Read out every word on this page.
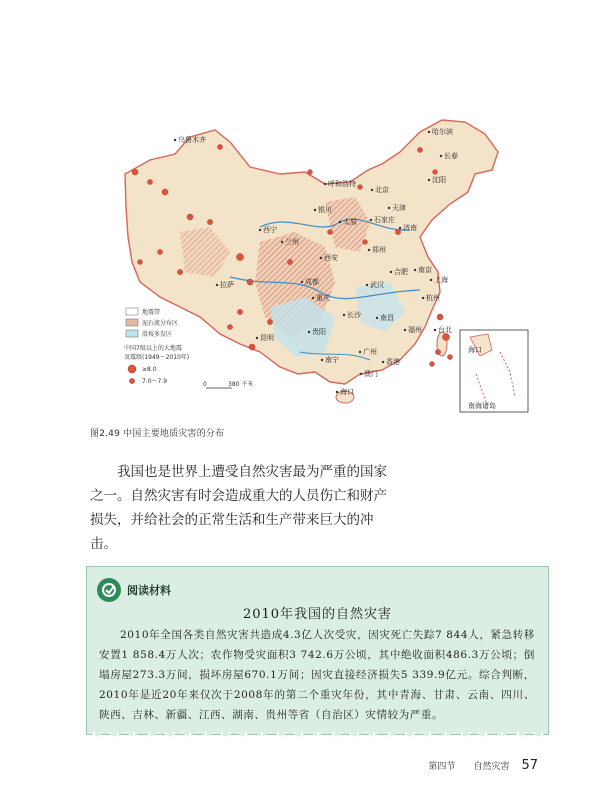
乌鲁木齐
哈尔滨
长春
沈阳
呼和浩特
北京
天津
石家庄
银川
太原
济南
西宁
兰州
郑州
西安
合肥 南京
上海
成都	武汉
杭州
拉萨
重庆
长沙	南昌
台北
福州
贵阳
昆明
广州
南宁	香港
澳门
海口
海口
南海诸岛
地震带
泥石流分布区
滑坡多发区
中国7级以上的大地震
及震级(1949～2010年)
≥8.0
7.0～7.9	0	380 千米
图2.49 中国主要地质灾害的分布
我国也是世界上遭受自然灾害最为严重的国家之一。自然灾害有时会造成重大的人员伤亡和财产损失，并给社会的正常生活和生产带来巨大的冲击。
阅读材料
2010年我国的自然灾害
2010年全国各类自然灾害共造成4.3亿人次受灾，因灾死亡失踪7 844人，紧急转移安置1 858.4万人次；农作物受灾面积3 742.6万公顷，其中绝收面积486.3万公顷；倒塌房屋273.3万间，损坏房屋670.1万间；因灾直接经济损失5 339.9亿元。综合判断，2010年是近20年来仅次于2008年的第二个重灾年份，其中青海、甘肃、云南、四川、陕西、吉林、新疆、江西、湖南、贵州等省（自治区）灾情较为严重。
第四节 自然灾害 57
